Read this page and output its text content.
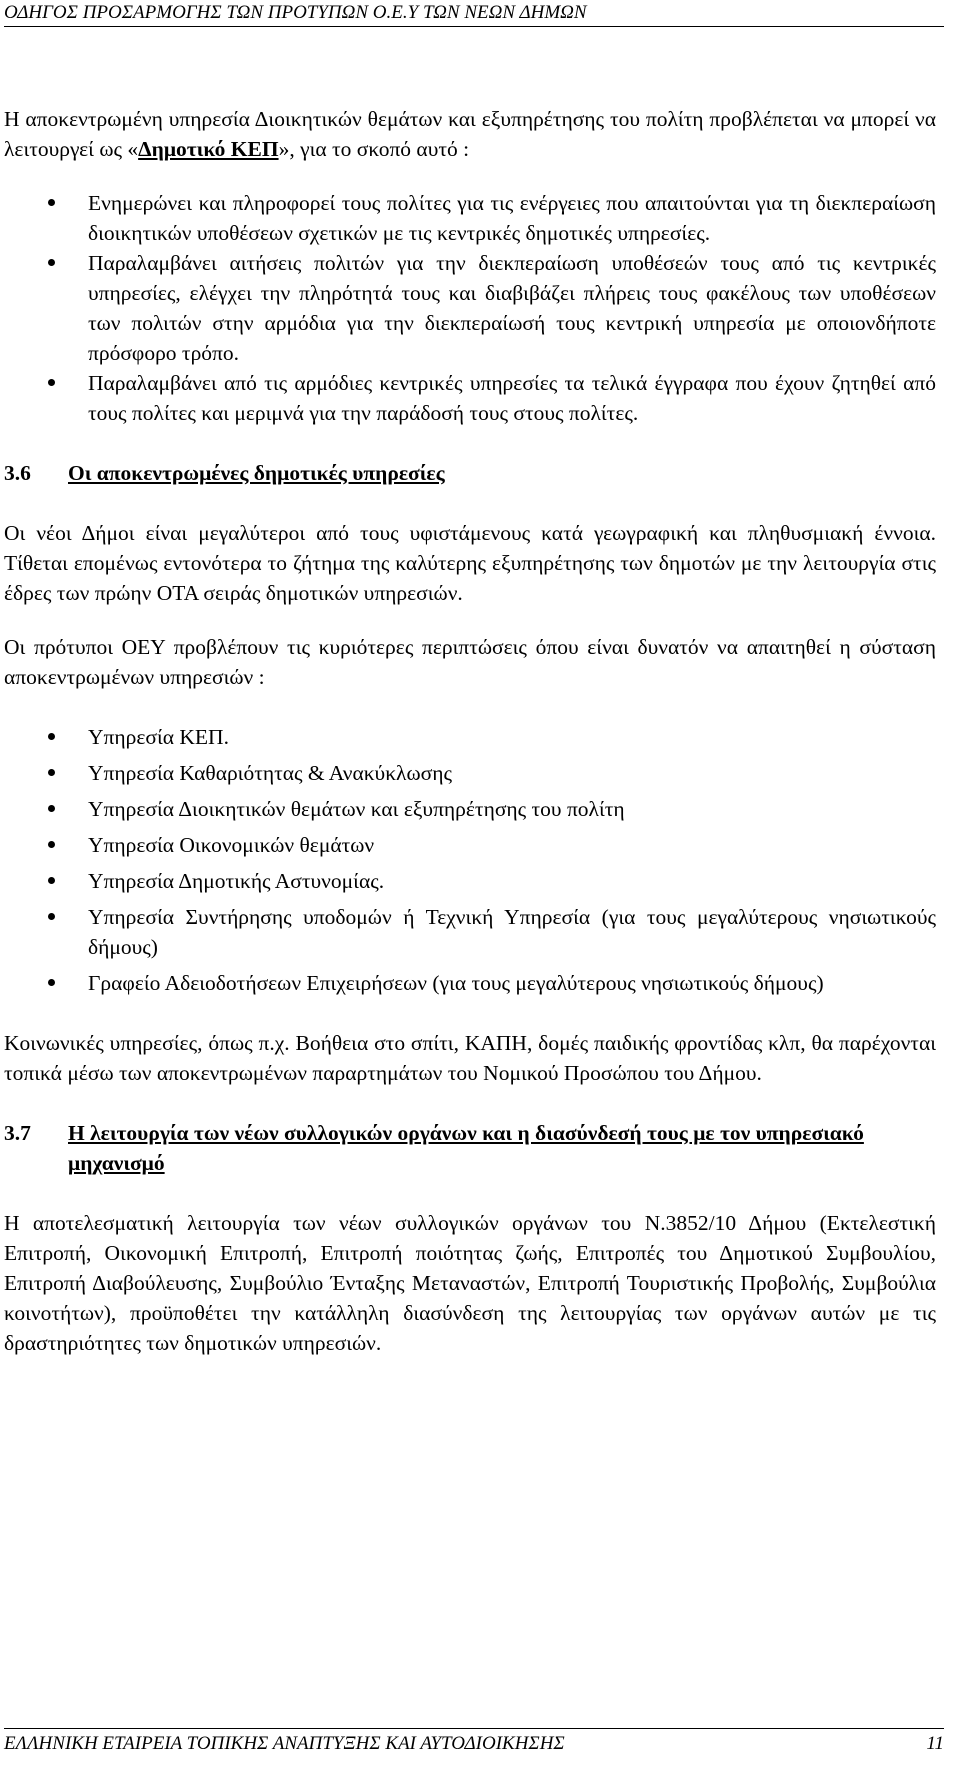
ΟΔΗΓΟΣ ΠΡΟΣΑΡΜΟΓΗΣ ΤΩΝ ΠΡΟΤΥΠΩΝ Ο.Ε.Υ ΤΩΝ ΝΕΩΝ ΔΗΜΩΝ

Η αποκεντρωμένη υπηρεσία Διοικητικών θεμάτων και εξυπηρέτησης του πολίτη προβλέπεται να μπορεί να λειτουργεί ως «Δημοτικό ΚΕΠ», για το σκοπό αυτό :

Ενημερώνει και πληροφορεί τους πολίτες για τις ενέργειες που απαιτούνται για τη διεκπεραίωση διοικητικών υποθέσεων σχετικών με τις κεντρικές δημοτικές υπηρεσίες.
Παραλαμβάνει αιτήσεις πολιτών για την διεκπεραίωση υποθέσεών τους από τις κεντρικές υπηρεσίες, ελέγχει την πληρότητά τους και διαβιβάζει πλήρεις τους φακέλους των υποθέσεων των πολιτών στην αρμόδια για την διεκπεραίωσή τους κεντρική υπηρεσία με οποιονδήποτε πρόσφορο τρόπο.
Παραλαμβάνει από τις αρμόδιες κεντρικές υπηρεσίες τα τελικά έγγραφα που έχουν ζητηθεί από τους πολίτες και μεριμνά για την παράδοσή τους στους πολίτες.
3.6 Οι αποκεντρωμένες δημοτικές υπηρεσίες

Οι νέοι Δήμοι είναι μεγαλύτεροι από τους υφιστάμενους κατά γεωγραφική και πληθυσμιακή έννοια. Τίθεται επομένως εντονότερα το ζήτημα της καλύτερης εξυπηρέτησης των δημοτών με την λειτουργία στις έδρες των πρώην ΟΤΑ σειράς δημοτικών υπηρεσιών.

Οι πρότυποι ΟΕΥ προβλέπουν τις κυριότερες περιπτώσεις όπου είναι δυνατόν να απαιτηθεί η σύσταση αποκεντρωμένων υπηρεσιών :

Υπηρεσία ΚΕΠ.
Υπηρεσία Καθαριότητας & Ανακύκλωσης
Υπηρεσία Διοικητικών θεμάτων και εξυπηρέτησης του πολίτη
Υπηρεσία Οικονομικών θεμάτων
Υπηρεσία Δημοτικής Αστυνομίας.
Υπηρεσία Συντήρησης υποδομών ή Τεχνική Υπηρεσία (για τους μεγαλύτερους νησιωτικούς δήμους)
Γραφείο Αδειοδοτήσεων Επιχειρήσεων (για τους μεγαλύτερους νησιωτικούς δήμους)

Κοινωνικές υπηρεσίες, όπως π.χ. Βοήθεια στο σπίτι, ΚΑΠΗ, δομές παιδικής φροντίδας κλπ, θα παρέχονται τοπικά μέσω των αποκεντρωμένων παραρτημάτων του Νομικού Προσώπου του Δήμου.

3.7 Η λειτουργία των νέων συλλογικών οργάνων και η διασύνδεσή τους με τον υπηρεσιακό μηχανισμό

Η αποτελεσματική λειτουργία των νέων συλλογικών οργάνων του Ν.3852/10 Δήμου (Εκτελεστική Επιτροπή, Οικονομική Επιτροπή, Επιτροπή ποιότητας ζωής, Επιτροπές του Δημοτικού Συμβουλίου, Επιτροπή Διαβούλευσης, Συμβούλιο Ένταξης Μεταναστών, Επιτροπή Τουριστικής Προβολής, Συμβούλια κοινοτήτων), προϋποθέτει την κατάλληλη διασύνδεση της λειτουργίας των οργάνων αυτών με τις δραστηριότητες των δημοτικών υπηρεσιών.

ΕΛΛΗΝΙΚΗ ΕΤΑΙΡΕΙΑ ΤΟΠΙΚΗΣ ΑΝΑΠΤΥΞΗΣ ΚΑΙ ΑΥΤΟΔΙΟΙΚΗΣΗΣ	11
